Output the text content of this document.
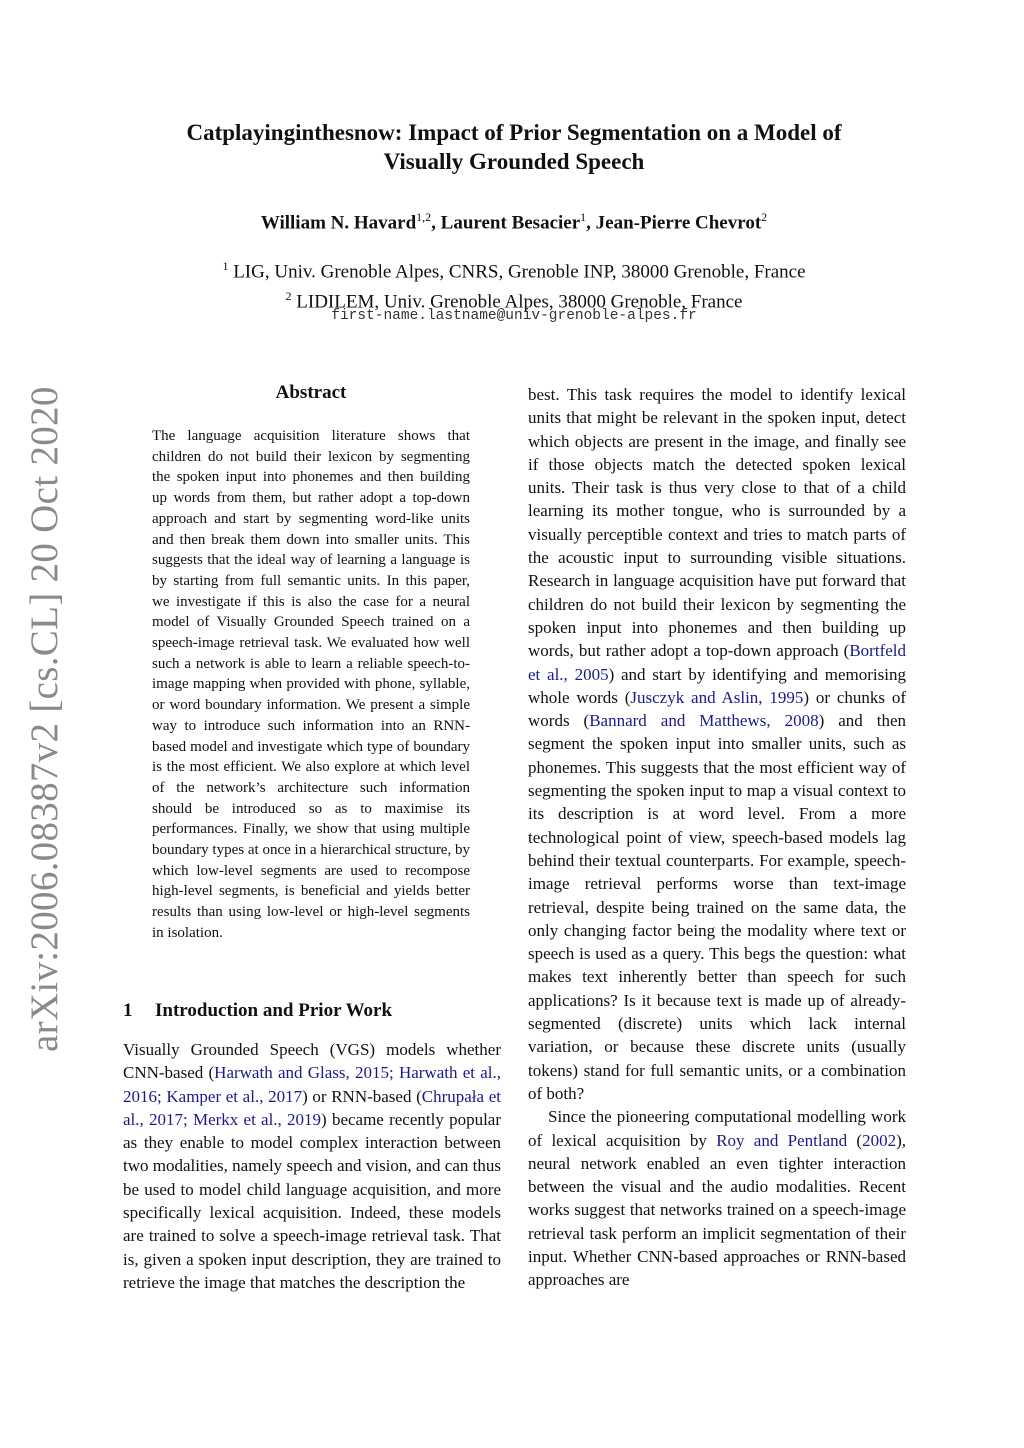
arXiv:2006.08387v2 [cs.CL] 20 Oct 2020
Catplayinginthesnow: Impact of Prior Segmentation on a Model of
Visually Grounded Speech
William N. Havard$^{1,2}$, Laurent Besacier$^1$, Jean-Pierre Chevrot$^2$
$^1$ LIG, Univ. Grenoble Alpes, CNRS, Grenoble INP, 38000 Grenoble, France
$^2$ LIDILEM, Univ. Grenoble Alpes, 38000 Grenoble, France
first-name.lastname@univ-grenoble-alpes.fr
Abstract

The language acquisition literature shows that children do not build their lexicon by segmenting the spoken input into phonemes and then building up words from them, but rather adopt a top-down approach and start by segmenting word-like units and then break them down into smaller units. This suggests that the ideal way of learning a language is by starting from full semantic units. In this paper, we investigate if this is also the case for a neural model of Visually Grounded Speech trained on a speech-image retrieval task. We evaluated how well such a network is able to learn a reliable speech-to-image mapping when provided with phone, syllable, or word boundary information. We present a simple way to introduce such information into an RNN-based model and investigate which type of boundary is the most efficient. We also explore at which level of the network’s architecture such information should be introduced so as to maximise its performances. Finally, we show that using multiple boundary types at once in a hierarchical structure, by which low-level segments are used to recompose high-level segments, is beneficial and yields better results than using low-level or high-level segments in isolation.

1 Introduction and Prior Work

Visually Grounded Speech (VGS) models whether CNN-based (Harwath and Glass, 2015; Harwath et al., 2016; Kamper et al., 2017) or RNN-based (Chrupała et al., 2017; Merkx et al., 2019) became recently popular as they enable to model complex interaction between two modalities, namely speech and vision, and can thus be used to model child language acquisition, and more specifically lexical acquisition. Indeed, these models are trained to solve a speech-image retrieval task. That is, given a spoken input description, they are trained to retrieve the image that matches the description the

best. This task requires the model to identify lexical units that might be relevant in the spoken input, detect which objects are present in the image, and finally see if those objects match the detected spoken lexical units. Their task is thus very close to that of a child learning its mother tongue, who is surrounded by a visually perceptible context and tries to match parts of the acoustic input to surrounding visible situations. Research in language acquisition have put forward that children do not build their lexicon by segmenting the spoken input into phonemes and then building up words, but rather adopt a top-down approach (Bortfeld et al., 2005) and start by identifying and memorising whole words (Jusczyk and Aslin, 1995) or chunks of words (Bannard and Matthews, 2008) and then segment the spoken input into smaller units, such as phonemes. This suggests that the most efficient way of segmenting the spoken input to map a visual context to its description is at word level. From a more technological point of view, speech-based models lag behind their textual counterparts. For example, speech-image retrieval performs worse than text-image retrieval, despite being trained on the same data, the only changing factor being the modality where text or speech is used as a query. This begs the question: what makes text inherently better than speech for such applications? Is it because text is made up of already-segmented (discrete) units which lack internal variation, or because these discrete units (usually tokens) stand for full semantic units, or a combination of both?

Since the pioneering computational modelling work of lexical acquisition by Roy and Pentland (2002), neural network enabled an even tighter interaction between the visual and the audio modalities. Recent works suggest that networks trained on a speech-image retrieval task perform an implicit segmentation of their input. Whether CNN-based approaches or RNN-based approaches are
